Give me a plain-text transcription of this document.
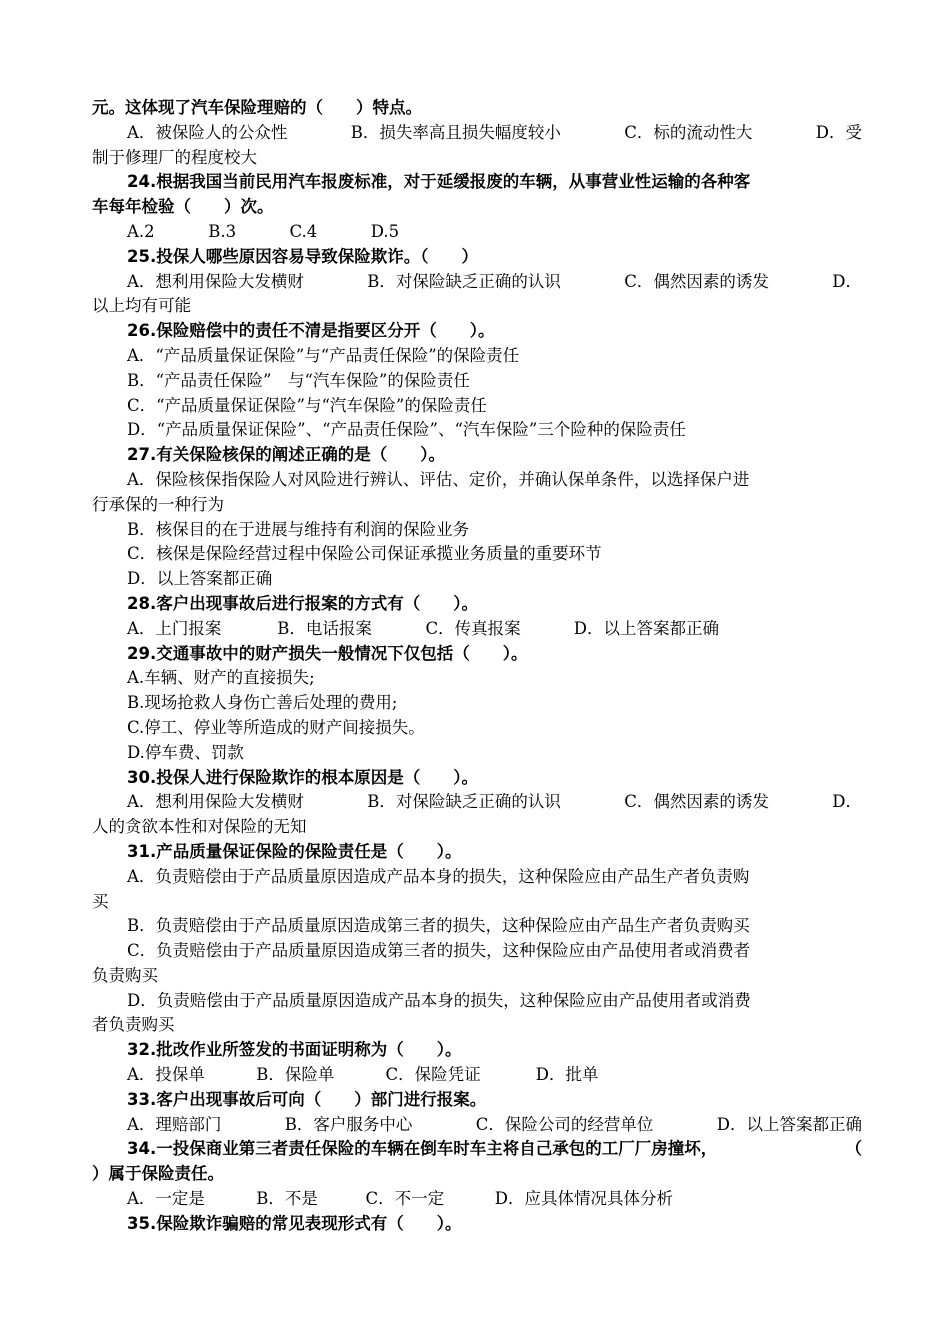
元。这体现了汽车保险理赔的（　　）特点。
A．被保险人的公众性	B．损失率高且损失幅度较小	C．标的流动性大	D．受
制于修理厂的程度校大
24.根据我国当前民用汽车报废标准，对于延缓报废的车辆，从事营业性运输的各种客
车每年检验（　　）次。
A.2	B.3	C.4	D.5
25.投保人哪些原因容易导致保险欺诈。（　　）
A．想利用保险大发横财	B．对保险缺乏正确的认识	C．偶然因素的诱发	D．
以上均有可能
26.保险赔偿中的责任不清是指要区分开（　　）。
A．“产品质量保证保险”与“产品责任保险”的保险责任
B．“产品责任保险”　与“汽车保险”的保险责任
C．“产品质量保证保险”与“汽车保险”的保险责任
D．“产品质量保证保险”、“产品责任保险”、“汽车保险”三个险种的保险责任
27.有关保险核保的阐述正确的是（　　）。
A．保险核保指保险人对风险进行辨认、评估、定价，并确认保单条件，以选择保户进
行承保的一种行为
B．核保目的在于进展与维持有利润的保险业务
C．核保是保险经营过程中保险公司保证承揽业务质量的重要环节
D．以上答案都正确
28.客户出现事故后进行报案的方式有（　　）。
A．上门报案	B．电话报案	C．传真报案	D．以上答案都正确
29.交通事故中的财产损失一般情况下仅包括（　　）。
A.车辆、财产的直接损失;
B.现场抢救人身伤亡善后处理的费用;
C.停工、停业等所造成的财产间接损失。
D.停车费、罚款
30.投保人进行保险欺诈的根本原因是（　　）。
A．想利用保险大发横财	B．对保险缺乏正确的认识	C．偶然因素的诱发	D．
人的贪欲本性和对保险的无知
31.产品质量保证保险的保险责任是（　　）。
A．负责赔偿由于产品质量原因造成产品本身的损失，这种保险应由产品生产者负责购
买
B．负责赔偿由于产品质量原因造成第三者的损失，这种保险应由产品生产者负责购买
C．负责赔偿由于产品质量原因造成第三者的损失，这种保险应由产品使用者或消费者
负责购买
D．负责赔偿由于产品质量原因造成产品本身的损失，这种保险应由产品使用者或消费
者负责购买
32.批改作业所签发的书面证明称为（　　）。
A．投保单	B．保险单	C．保险凭证	D．批单
33.客户出现事故后可向（　　）部门进行报案。
A．理赔部门	B．客户服务中心	C．保险公司的经营单位	D．以上答案都正确
34.一投保商业第三者责任保险的车辆在倒车时车主将自己承包的工厂厂房撞坏，	（
）属于保险责任。
A．一定是	B．不是	C．不一定	D．应具体情况具体分析
35.保险欺诈骗赔的常见表现形式有（　　）。
